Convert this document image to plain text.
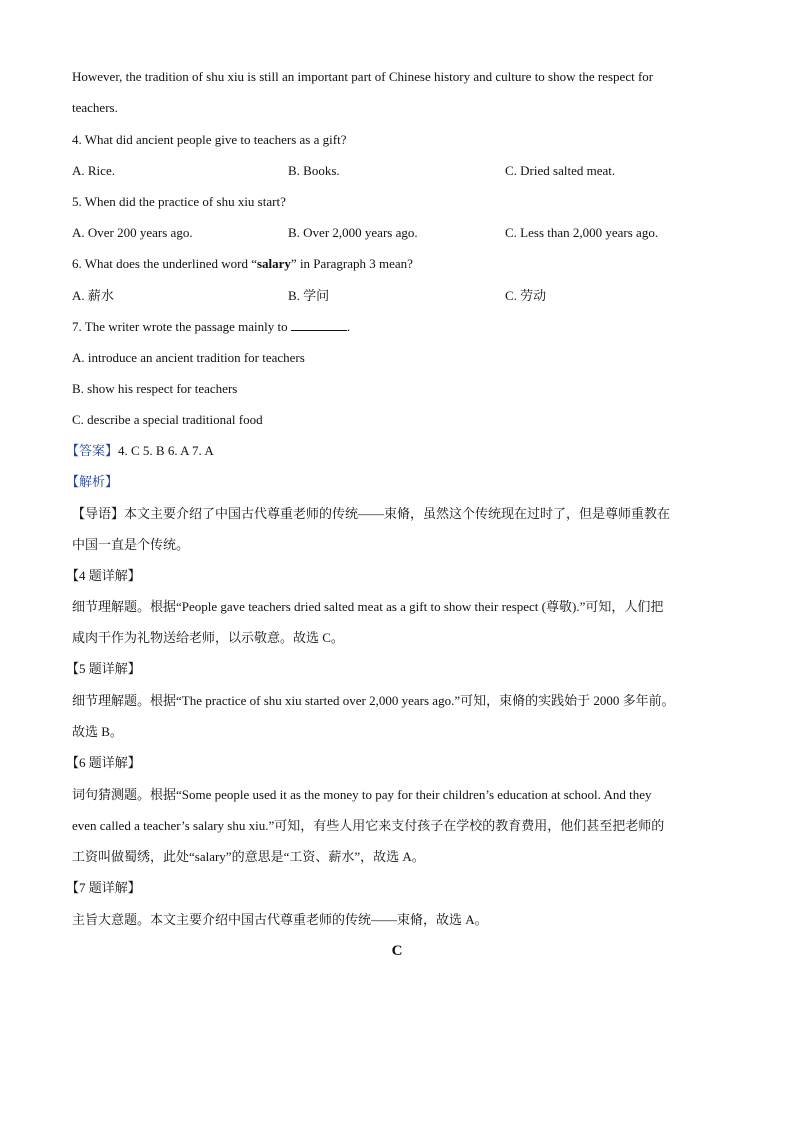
However, the tradition of shu xiu is still an important part of Chinese history and culture to show the respect for
teachers.
4. What did ancient people give to teachers as a gift?
A. Rice.	B. Books.	C. Dried salted meat.
5. When did the practice of shu xiu start?
A. Over 200 years ago.	B. Over 2,000 years ago.	C. Less than 2,000 years ago.
6. What does the underlined word “salary” in Paragraph 3 mean?
A. 薪水	B. 学问	C. 劳动
7. The writer wrote the passage mainly to	.
A. introduce an ancient tradition for teachers
B. show his respect for teachers
C. describe a special traditional food
【答案】4. C 5. B 6. A 7. A
【解析】
【导语】本文主要介绍了中国古代尊重老师的传统——束脩，虽然这个传统现在过时了，但是尊师重教在
中国一直是个传统。
【4 题详解】
细节理解题。根据“People gave teachers dried salted meat as a gift to show their respect (尊敬).”可知，人们把
咸肉干作为礼物送给老师，以示敬意。故选 C。
【5 题详解】
细节理解题。根据“The practice of shu xiu started over 2,000 years ago.”可知，束脩的实践始于 2000 多年前。
故选 B。
【6 题详解】
词句猜测题。根据“Some people used it as the money to pay for their children’s education at school. And they
even called a teacher’s salary shu xiu.”可知，有些人用它来支付孩子在学校的教育费用，他们甚至把老师的
工资叫做蜀绣，此处“salary”的意思是“工资、薪水”，故选 A。
【7 题详解】
主旨大意题。本文主要介绍中国古代尊重老师的传统——束脩，故选 A。
C
